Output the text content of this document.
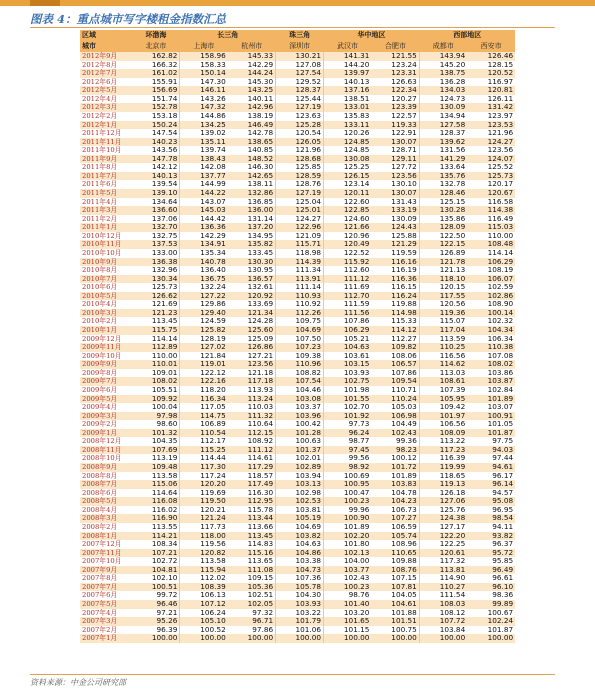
图表 4：重点城市写字楼租金指数汇总
区域	环渤海	长三角		珠三角	华中地区		西部地区	
城市	北京市	上海市	杭州市	深圳市	武汉市	合肥市	成都市	西安市
2012年9月	162.82	158.96	145.33	130.21	141.31	121.55	143.94	126.46
2012年8月	166.32	158.33	142.29	127.08	144.20	123.24	145.20	128.15
2012年7月	161.02	150.14	144.24	127.54	139.97	123.31	138.75	120.52
2012年6月	155.91	147.30	145.30	129.52	140.13	126.63	136.28	116.97
2012年5月	156.69	146.11	143.25	128.37	137.16	122.34	134.03	120.81
2012年4月	151.74	143.26	140.11	125.44	138.51	120.27	124.73	126.11
2012年3月	152.78	147.32	142.96	127.19	133.01	123.39	130.09	131.42
2012年2月	153.18	144.86	138.19	123.63	135.83	122.57	134.94	123.97
2012年1月	150.24	134.25	146.49	125.28	133.11	119.33	127.58	123.53
2011年12月	147.54	139.02	142.78	120.54	120.26	122.91	128.37	121.96
2011年11月	140.23	135.11	138.65	126.05	124.85	130.07	139.62	124.27
2011年10月	143.56	139.74	140.85	121.96	124.85	128.71	131.56	123.56
2011年9月	147.78	138.43	148.52	128.68	130.08	129.11	141.29	124.07
2011年8月	142.12	142.08	146.30	125.85	125.25	127.72	133.64	125.52
2011年7月	140.13	137.77	142.65	128.59	126.15	123.56	135.76	125.73
2011年6月	139.54	144.99	138.11	128.76	123.14	130.10	132.78	120.17
2011年5月	139.10	144.22	132.86	127.19	120.11	130.07	128.46	120.67
2011年4月	134.64	143.07	136.85	125.04	122.60	131.43	125.15	116.58
2011年3月	136.60	145.03	136.00	125.01	122.85	133.19	130.28	114.38
2011年2月	137.06	144.42	131.14	124.27	124.60	130.09	135.86	116.49
2011年1月	132.70	136.36	137.20	122.96	121.66	124.43	128.09	115.03
2010年12月	132.75	142.29	134.95	121.09	120.96	125.88	122.50	110.00
2010年11月	137.53	134.91	135.82	115.71	120.49	121.29	122.15	108.48
2010年10月	133.00	135.34	133.45	118.98	122.52	119.59	126.89	114.14
2010年9月	136.38	140.78	130.30	114.39	115.92	116.16	121.78	106.29
2010年8月	132.96	136.40	130.95	111.34	112.60	116.19	121.13	108.19
2010年7月	130.34	136.75	136.57	113.91	111.12	116.36	118.10	106.07
2010年6月	125.73	132.24	132.61	111.14	111.69	116.15	120.15	102.59
2010年5月	126.62	127.22	120.92	110.93	112.70	116.24	117.55	102.86
2010年4月	121.69	129.86	133.69	110.92	111.59	119.88	120.56	108.90
2010年3月	121.23	129.40	121.34	112.26	111.56	114.98	119.36	100.14
2010年2月	113.45	124.59	124.28	109.75	107.86	115.33	115.07	102.32
2010年1月	115.75	125.82	125.60	104.69	106.29	114.12	117.04	104.34
2009年12月	114.14	128.19	125.09	107.50	105.21	112.27	113.59	106.34
2009年11月	112.89	127.02	126.86	107.23	104.63	109.82	110.25	110.38
2009年10月	110.00	121.84	127.21	109.38	103.61	108.06	116.56	107.08
2009年9月	110.01	119.01	123.56	110.96	103.15	106.57	114.62	108.02
2009年8月	109.01	122.12	121.18	108.82	103.93	107.86	113.03	103.86
2009年7月	108.02	122.16	117.18	107.54	102.75	109.54	108.61	103.87
2009年6月	105.51	118.20	113.93	104.46	101.98	110.71	107.39	102.84
2009年5月	109.92	116.34	113.24	103.08	101.55	110.24	105.95	101.89
2009年4月	100.04	117.05	110.03	103.37	102.70	105.03	109.42	103.07
2009年3月	97.98	114.75	111.32	103.96	101.92	106.98	101.97	100.91
2009年2月	98.60	106.89	110.64	100.42	97.73	104.49	106.56	101.05
2009年1月	101.32	110.54	112.15	101.28	96.24	102.43	108.09	101.87
2008年12月	104.35	112.17	108.92	100.63	98.77	99.36	113.22	97.75
2008年11月	107.69	115.25	111.12	101.37	97.45	98.23	117.23	94.03
2008年10月	113.19	114.44	114.61	102.01	99.56	100.12	116.39	97.44
2008年9月	109.48	117.30	117.29	102.89	98.92	101.72	119.99	94.61
2008年8月	113.58	117.24	118.57	103.94	100.69	101.89	118.65	96.17
2008年7月	115.06	120.20	117.49	103.13	100.95	103.83	119.13	96.14
2008年6月	114.64	119.69	116.30	102.98	100.47	104.78	126.18	94.57
2008年5月	116.08	119.50	112.95	102.53	100.23	104.23	127.06	95.08
2008年4月	116.02	120.21	115.78	103.81	99.96	106.73	125.76	96.95
2008年3月	116.90	121.24	113.44	105.19	100.90	107.27	124.38	98.54
2008年2月	113.55	117.73	113.66	104.69	101.89	106.59	127.17	94.11
2008年1月	114.21	118.00	113.45	103.82	102.20	105.74	122.20	93.82
2007年12月	108.34	119.56	114.83	104.63	101.80	108.96	122.25	96.37
2007年11月	107.21	120.82	115.16	104.86	102.13	110.65	120.61	95.72
2007年10月	102.72	113.58	113.65	103.38	104.00	109.88	117.32	95.85
2007年9月	104.81	115.94	111.08	104.73	103.77	108.76	113.81	96.49
2007年8月	102.10	112.02	109.15	107.36	102.43	107.15	114.90	96.61
2007年7月	100.51	108.39	105.36	105.78	100.23	107.81	110.27	96.10
2007年6月	99.72	106.13	102.51	104.30	98.76	104.05	111.54	98.36
2007年5月	96.46	107.12	102.05	103.93	101.40	104.61	108.03	99.89
2007年4月	97.21	106.24	97.32	103.22	103.20	101.88	108.12	100.67
2007年3月	95.26	105.10	96.71	101.79	101.65	101.51	107.72	102.24
2007年2月	96.39	100.52	97.86	101.06	101.15	100.75	103.84	101.87
2007年1月	100.00	100.00	100.00	100.00	100.00	100.00	100.00	100.00
资料来源：中金公司研究部
